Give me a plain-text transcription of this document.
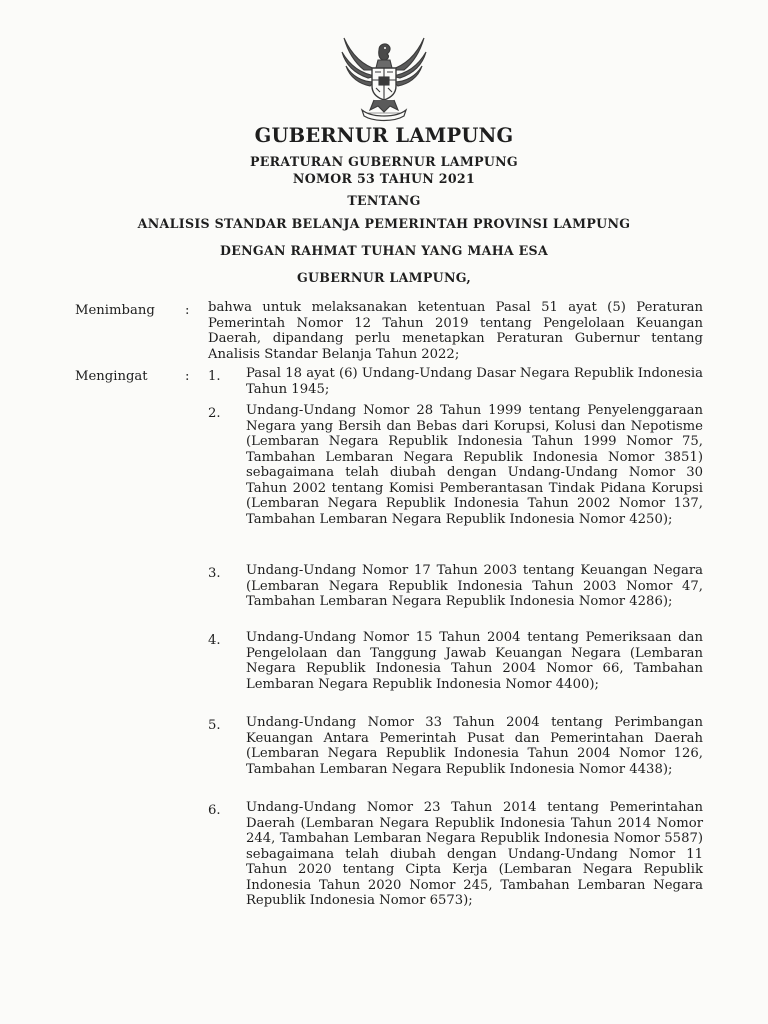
GUBERNUR LAMPUNG

PERATURAN GUBERNUR LAMPUNG

NOMOR 53 TAHUN 2021

TENTANG

ANALISIS STANDAR BELANJA PEMERINTAH PROVINSI LAMPUNG

DENGAN RAHMAT TUHAN YANG MAHA ESA

GUBERNUR LAMPUNG,

Menimbang : bahwa untuk melaksanakan ketentuan Pasal 51 ayat (5) Peraturan Pemerintah Nomor 12 Tahun 2019 tentang Pengelolaan Keuangan Daerah, dipandang perlu menetapkan Peraturan Gubernur tentang Analisis Standar Belanja Tahun 2022;
Mengingat	: 1.	Pasal 18 ayat (6) Undang-Undang Dasar Negara Republik Indonesia Tahun 1945;
2.	Undang-Undang Nomor 28 Tahun 1999 tentang Penyelenggaraan Negara yang Bersih dan Bebas dari Korupsi, Kolusi dan Nepotisme (Lembaran Negara Republik Indonesia Tahun 1999 Nomor 75, Tambahan Lembaran Negara Republik Indonesia Nomor 3851) sebagaimana telah diubah dengan Undang-Undang Nomor 30 Tahun 2002 tentang Komisi Pemberantasan Tindak Pidana Korupsi (Lembaran Negara Republik Indonesia Tahun 2002 Nomor 137, Tambahan Lembaran Negara Republik Indonesia Nomor 4250);
3.	Undang-Undang Nomor 17 Tahun 2003 tentang Keuangan Negara (Lembaran Negara Republik Indonesia Tahun 2003 Nomor 47, Tambahan Lembaran Negara Republik Indonesia Nomor 4286);
4.	Undang-Undang Nomor 15 Tahun 2004 tentang Pemeriksaan dan Pengelolaan dan Tanggung Jawab Keuangan Negara (Lembaran Negara Republik Indonesia Tahun 2004 Nomor 66, Tambahan Lembaran Negara Republik Indonesia Nomor 4400);
5.	Undang-Undang Nomor 33 Tahun 2004 tentang Perimbangan Keuangan Antara Pemerintah Pusat dan Pemerintahan Daerah (Lembaran Negara Republik Indonesia Tahun 2004 Nomor 126, Tambahan Lembaran Negara Republik Indonesia Nomor 4438);
6.	Undang-Undang Nomor 23 Tahun 2014 tentang Pemerintahan Daerah (Lembaran Negara Republik Indonesia Tahun 2014 Nomor 244, Tambahan Lembaran Negara Republik Indonesia Nomor 5587) sebagaimana telah diubah dengan Undang-Undang Nomor 11 Tahun 2020 tentang Cipta Kerja (Lembaran Negara Republik Indonesia Tahun 2020 Nomor 245, Tambahan Lembaran Negara Republik Indonesia Nomor 6573);
